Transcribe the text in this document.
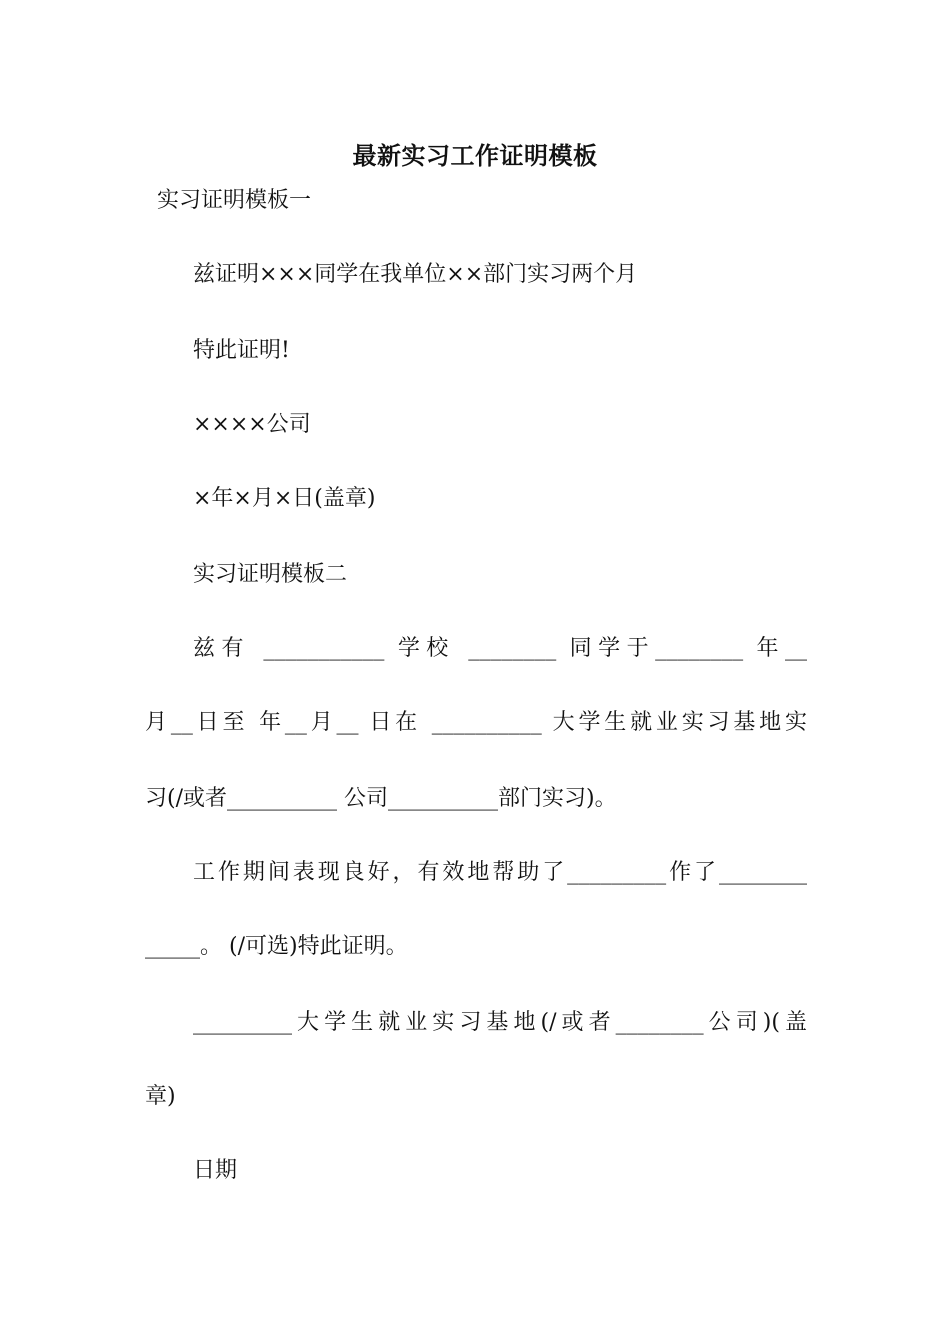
最新实习工作证明模板
实习证明模板一
兹证明×××同学在我单位××部门实习两个月
特此证明!
××××公司
×年×月×日(盖章)
实习证明模板二
兹有 ___________ 学校 ________ 同学于________ 年__
月__日至 年__月__ 日在 __________ 大学生就业实习基地实
习(/或者__________ 公司__________部门实习)。
工作期间表现良好，有效地帮助了_________作了________
_____。 (/可选)特此证明。
_________大学生就业实习基地(/或者________公司)(盖
章)
日期
